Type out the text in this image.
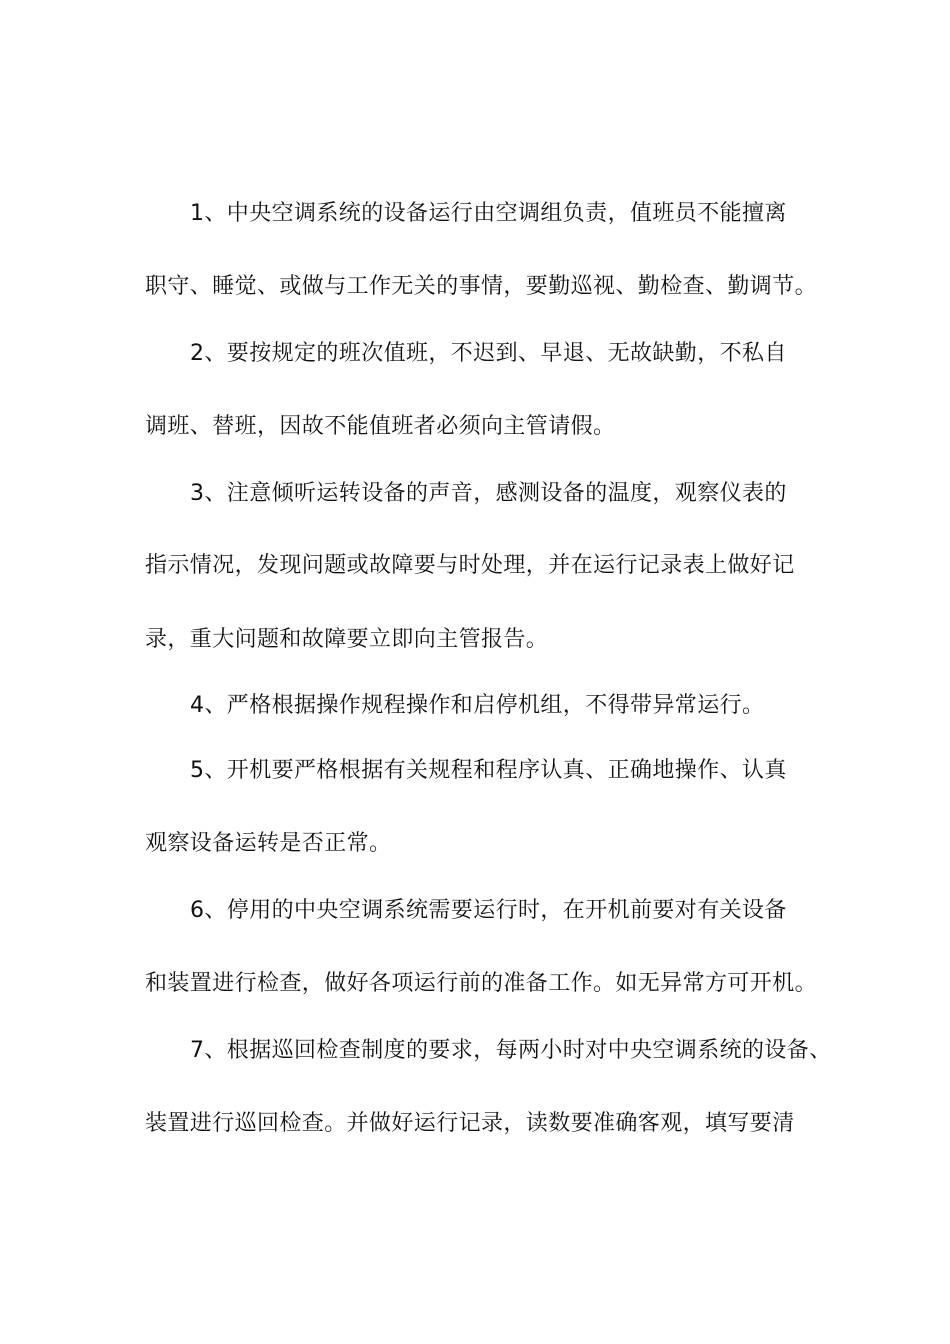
1、中央空调系统的设备运行由空调组负责，值班员不能擅离
职守、睡觉、或做与工作无关的事情，要勤巡视、勤检查、勤调节。
2、要按规定的班次值班，不迟到、早退、无故缺勤，不私自
调班、替班，因故不能值班者必须向主管请假。
3、注意倾听运转设备的声音，感测设备的温度，观察仪表的
指示情况，发现问题或故障要与时处理，并在运行记录表上做好记
录，重大问题和故障要立即向主管报告。
4、严格根据操作规程操作和启停机组，不得带异常运行。
5、开机要严格根据有关规程和程序认真、正确地操作、认真
观察设备运转是否正常。
6、停用的中央空调系统需要运行时，在开机前要对有关设备
和装置进行检查，做好各项运行前的准备工作。如无异常方可开机。
7、根据巡回检查制度的要求，每两小时对中央空调系统的设备、
装置进行巡回检查。并做好运行记录，读数要准确客观，填写要清
